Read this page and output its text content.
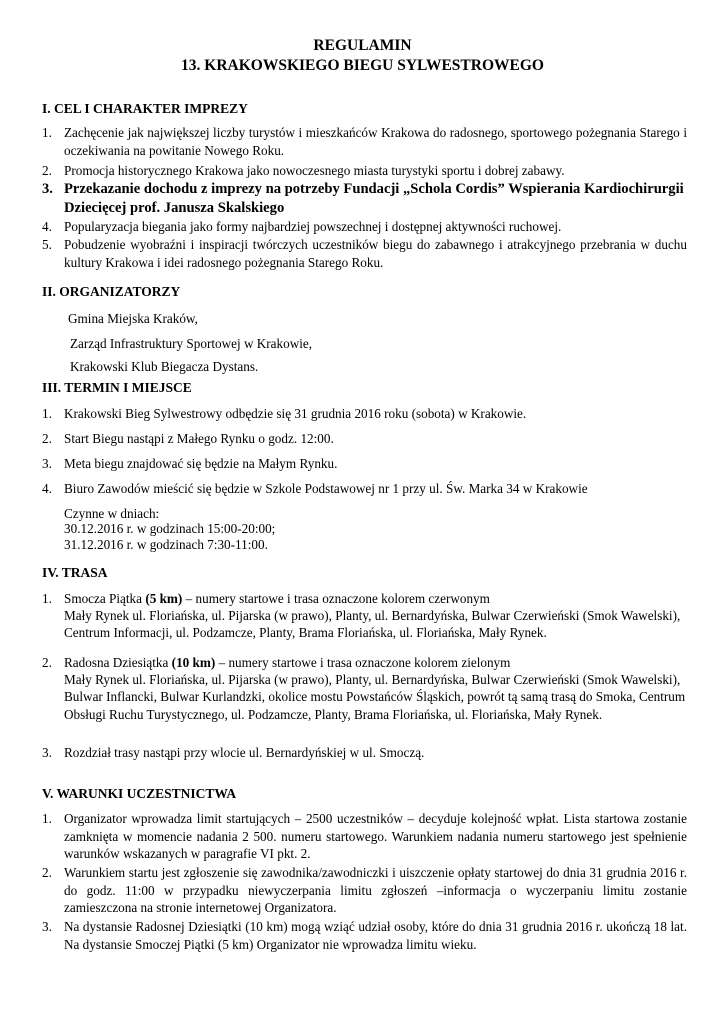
REGULAMIN
13. KRAKOWSKIEGO BIEGU SYLWESTROWEGO
I. CEL I CHARAKTER IMPREZY
1. Zachęcenie jak największej liczby turystów i mieszkańców Krakowa do radosnego, sportowego pożegnania Starego i oczekiwania na powitanie Nowego Roku.
2. Promocja historycznego Krakowa jako nowoczesnego miasta turystyki sportu i dobrej zabawy.
3. Przekazanie dochodu z imprezy na potrzeby Fundacji „Schola Cordis” Wspierania Kardiochirurgii Dziecięcej prof. Janusza Skalskiego
4. Popularyzacja biegania jako formy najbardziej powszechnej i dostępnej aktywności ruchowej.
5. Pobudzenie wyobraźni i inspiracji twórczych uczestników biegu do zabawnego i atrakcyjnego przebrania w duchu kultury Krakowa i idei radosnego pożegnania Starego Roku.
II. ORGANIZATORZY
Gmina Miejska Kraków,
Zarząd Infrastruktury Sportowej w Krakowie,
Krakowski Klub Biegacza Dystans.
III. TERMIN I MIEJSCE
1. Krakowski Bieg Sylwestrowy odbędzie się 31 grudnia 2016 roku (sobota) w Krakowie.
2. Start Biegu nastąpi z Małego Rynku o godz. 12:00.
3. Meta biegu znajdować się będzie na Małym Rynku.
4. Biuro Zawodów mieścić się będzie w Szkole Podstawowej nr 1 przy ul. Św. Marka 34 w Krakowie
Czynne w dniach:
30.12.2016 r. w godzinach 15:00-20:00;
31.12.2016 r. w godzinach 7:30-11:00.
IV. TRASA
1. Smocza Piątka (5 km) – numery startowe i trasa oznaczone kolorem czerwonym
Mały Rynek ul. Floriańska, ul. Pijarska (w prawo), Planty, ul. Bernardyńska, Bulwar Czerwieński (Smok Wawelski), Centrum Informacji, ul. Podzamcze, Planty, Brama Floriańska, ul. Floriańska, Mały Rynek.
2. Radosna Dziesiątka (10 km) – numery startowe i trasa oznaczone kolorem zielonym
Mały Rynek ul. Floriańska, ul. Pijarska (w prawo), Planty, ul. Bernardyńska, Bulwar Czerwieński (Smok Wawelski), Bulwar Inflancki, Bulwar Kurlandzki, okolice mostu Powstańców Śląskich, powrót tą samą trasą do Smoka, Centrum Obsługi Ruchu Turystycznego, ul. Podzamcze, Planty, Brama Floriańska, ul. Floriańska, Mały Rynek.
3. Rozdział trasy nastąpi przy wlocie ul. Bernardyńskiej w ul. Smoczą.
V. WARUNKI UCZESTNICTWA
1. Organizator wprowadza limit startujących – 2500 uczestników – decyduje kolejność wpłat. Lista startowa zostanie zamknięta w momencie nadania 2 500. numeru startowego. Warunkiem nadania numeru startowego jest spełnienie warunków wskazanych w paragrafie VI pkt. 2.
2. Warunkiem startu jest zgłoszenie się zawodnika/zawodniczki i uiszczenie opłaty startowej do dnia 31 grudnia 2016 r. do godz. 11:00 w przypadku niewyczerpania limitu zgłoszeń –informacja o wyczerpaniu limitu zostanie zamieszczona na stronie internetowej Organizatora.
3. Na dystansie Radosnej Dziesiątki (10 km) mogą wziąć udział osoby, które do dnia 31 grudnia 2016 r. ukończą 18 lat. Na dystansie Smoczej Piątki (5 km) Organizator nie wprowadza limitu wieku.
